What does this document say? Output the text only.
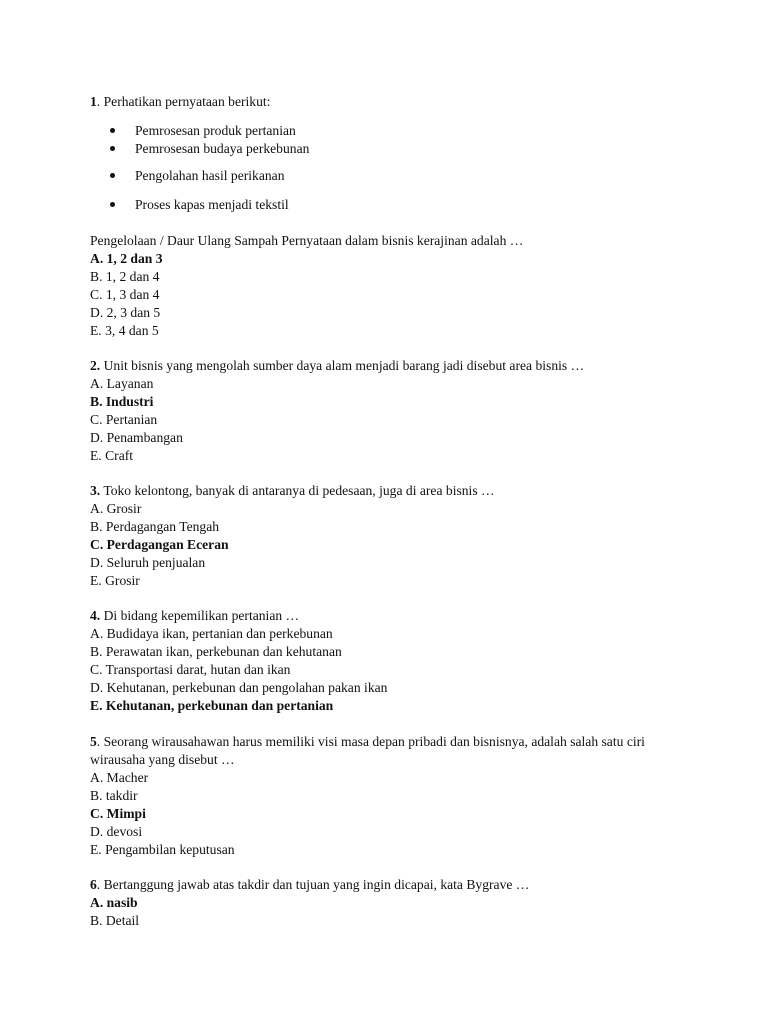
1. Perhatikan pernyataan berikut:
Pemrosesan produk pertanian
Pemrosesan budaya perkebunan
Pengolahan hasil perikanan
Proses kapas menjadi tekstil
Pengelolaan / Daur Ulang Sampah Pernyataan dalam bisnis kerajinan adalah …
A. 1, 2 dan 3
B. 1, 2 dan 4
C. 1, 3 dan 4
D. 2, 3 dan 5
E. 3, 4 dan 5
2. Unit bisnis yang mengolah sumber daya alam menjadi barang jadi disebut area bisnis …
A. Layanan
B. Industri
C. Pertanian
D. Penambangan
E. Craft
3. Toko kelontong, banyak di antaranya di pedesaan, juga di area bisnis …
A. Grosir
B. Perdagangan Tengah
C. Perdagangan Eceran
D. Seluruh penjualan
E. Grosir
4. Di bidang kepemilikan pertanian …
A. Budidaya ikan, pertanian dan perkebunan
B. Perawatan ikan, perkebunan dan kehutanan
C. Transportasi darat, hutan dan ikan
D. Kehutanan, perkebunan dan pengolahan pakan ikan
E. Kehutanan, perkebunan dan pertanian
5. Seorang wirausahawan harus memiliki visi masa depan pribadi dan bisnisnya, adalah salah satu ciri wirausaha yang disebut …
A. Macher
B. takdir
C. Mimpi
D. devosi
E. Pengambilan keputusan
6. Bertanggung jawab atas takdir dan tujuan yang ingin dicapai, kata Bygrave …
A. nasib
B. Detail
